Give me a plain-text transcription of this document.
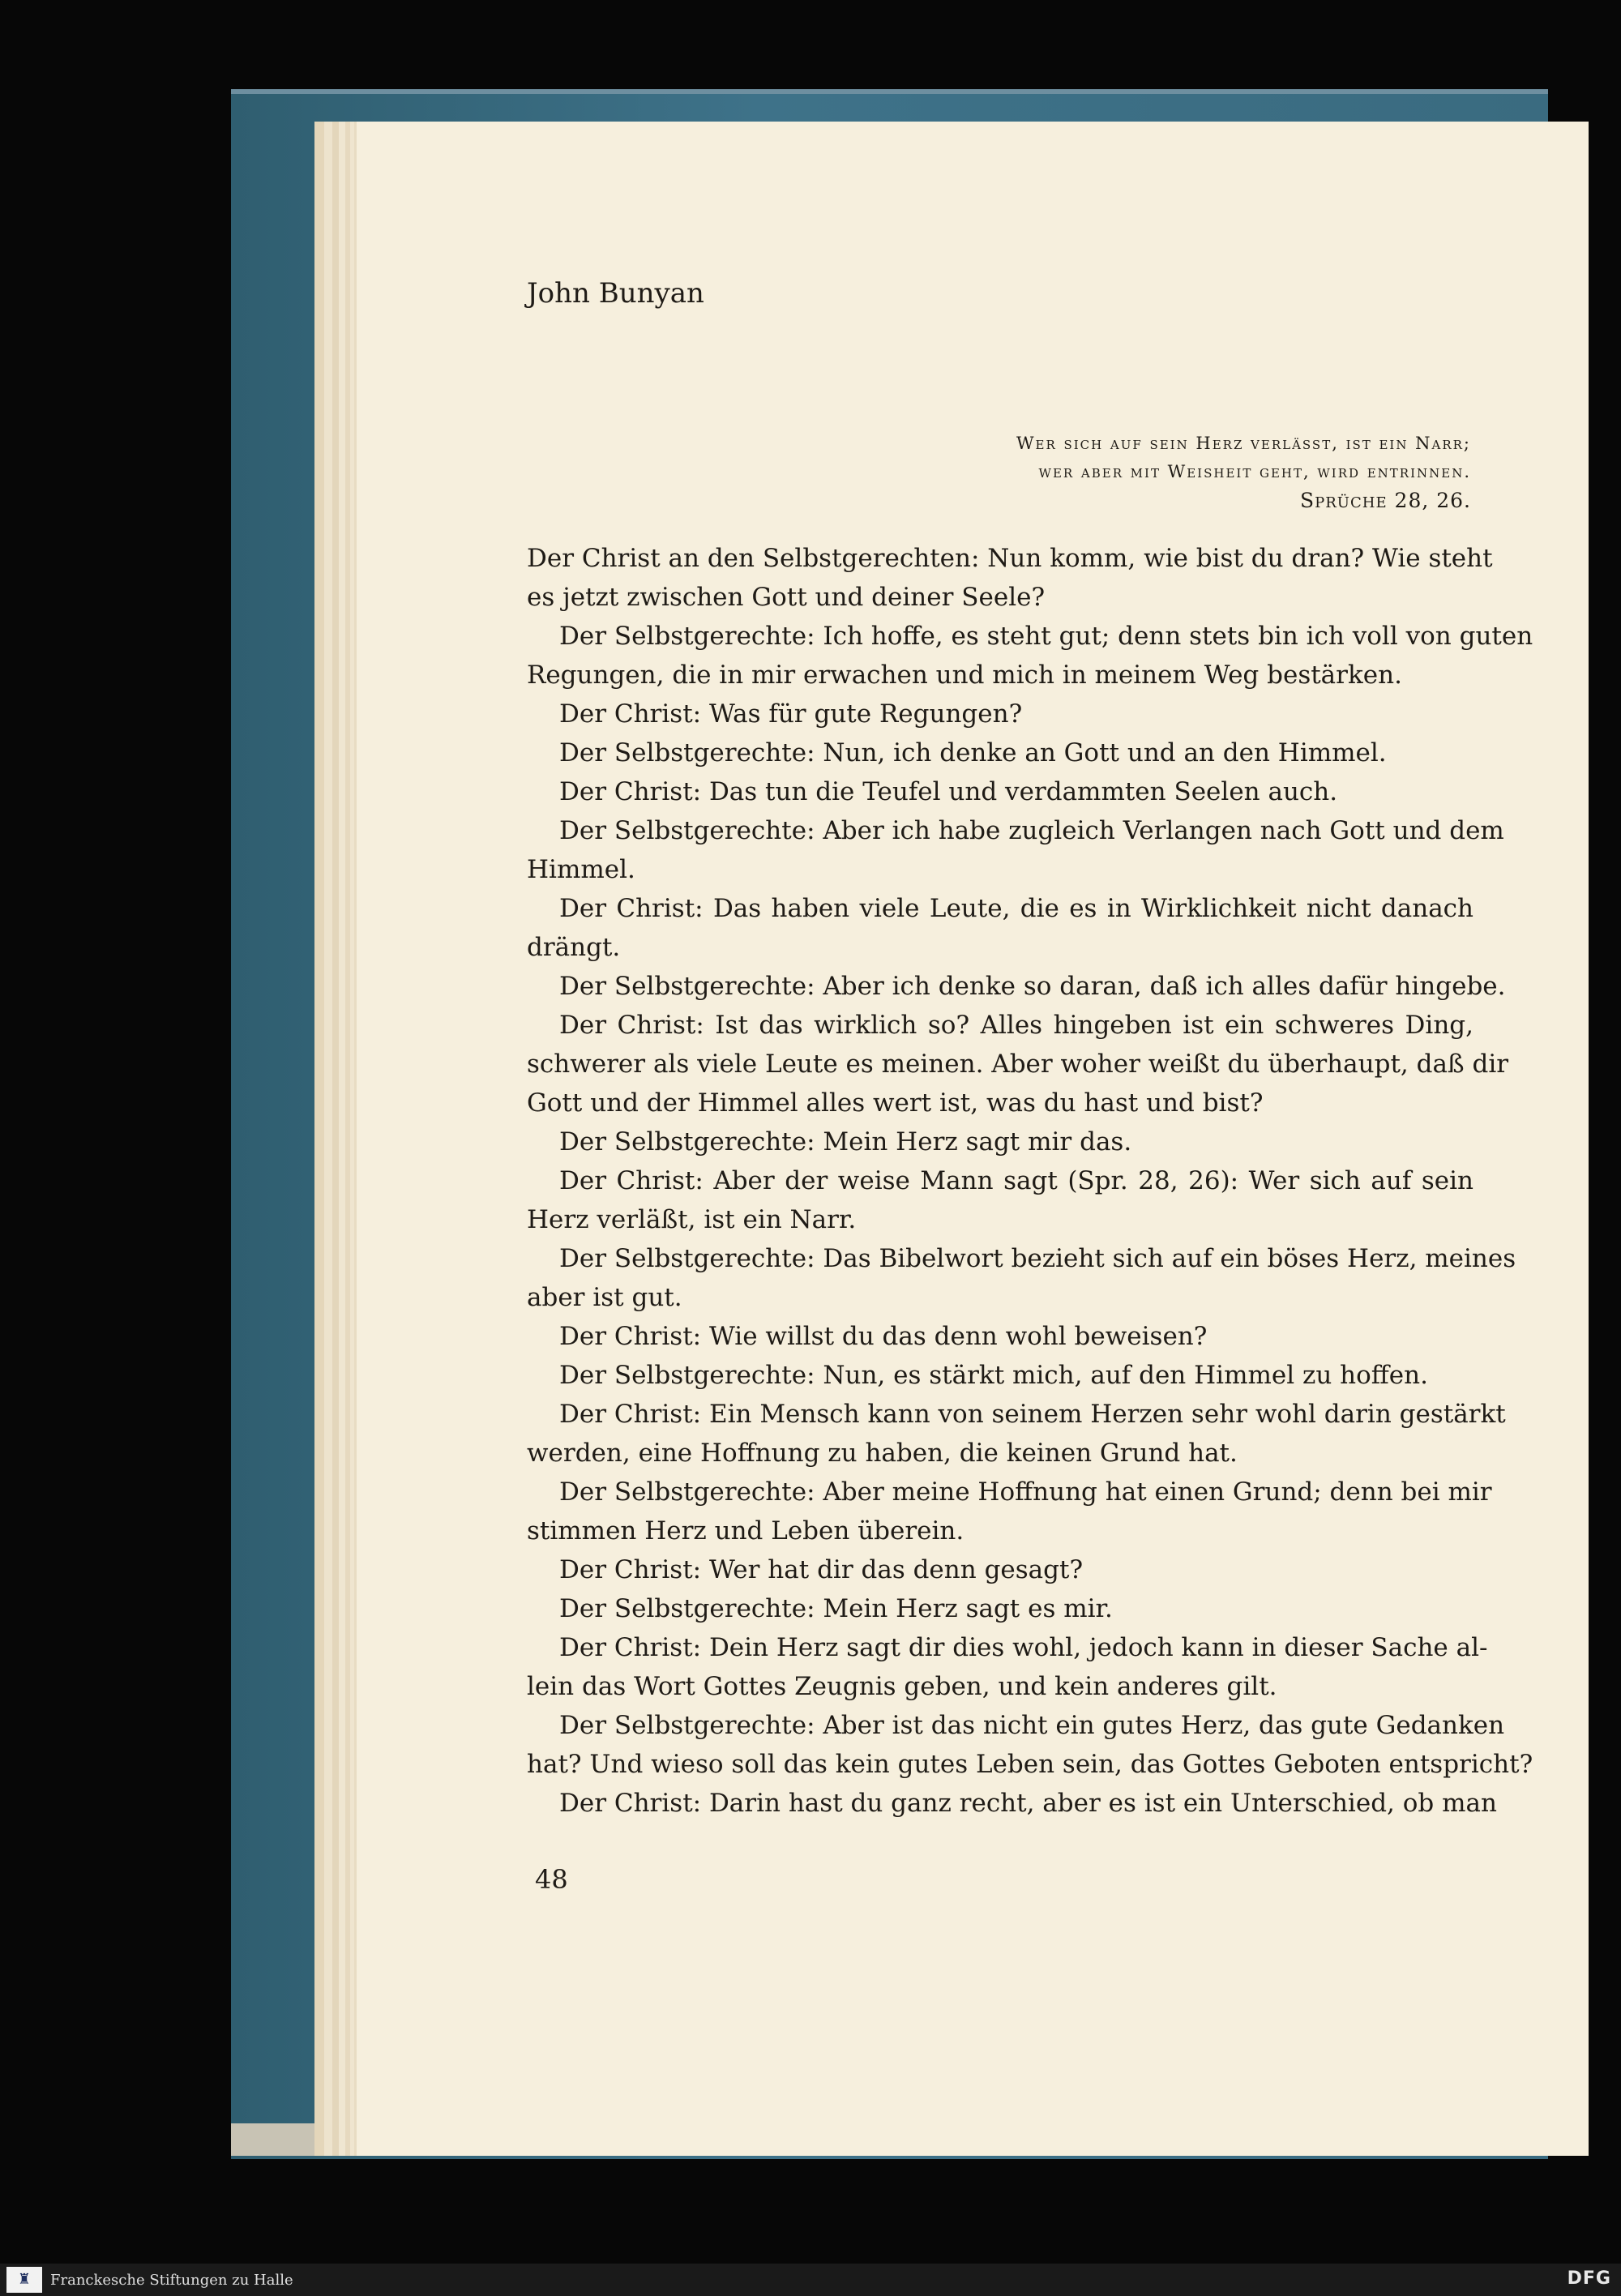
John Bunyan
Wer sich auf sein Herz verlässt, ist ein Narr;
wer aber mit Weisheit geht, wird entrinnen.
Sprüche 28, 26.
Der Christ an den Selbstgerechten: Nun komm, wie bist du dran? Wie steht
es jetzt zwischen Gott und deiner Seele?
Der Selbstgerechte: Ich hoffe, es steht gut; denn stets bin ich voll von guten
Regungen, die in mir erwachen und mich in meinem Weg bestärken.
Der Christ: Was für gute Regungen?
Der Selbstgerechte: Nun, ich denke an Gott und an den Himmel.
Der Christ: Das tun die Teufel und verdammten Seelen auch.
Der Selbstgerechte: Aber ich habe zugleich Verlangen nach Gott und dem
Himmel.
Der Christ: Das haben viele Leute, die es in Wirklichkeit nicht danach
drängt.
Der Selbstgerechte: Aber ich denke so daran, daß ich alles dafür hingebe.
Der Christ: Ist das wirklich so? Alles hingeben ist ein schweres Ding,
schwerer als viele Leute es meinen. Aber woher weißt du überhaupt, daß dir
Gott und der Himmel alles wert ist, was du hast und bist?
Der Selbstgerechte: Mein Herz sagt mir das.
Der Christ: Aber der weise Mann sagt (Spr. 28, 26): Wer sich auf sein
Herz verläßt, ist ein Narr.
Der Selbstgerechte: Das Bibelwort bezieht sich auf ein böses Herz, meines
aber ist gut.
Der Christ: Wie willst du das denn wohl beweisen?
Der Selbstgerechte: Nun, es stärkt mich, auf den Himmel zu hoffen.
Der Christ: Ein Mensch kann von seinem Herzen sehr wohl darin gestärkt
werden, eine Hoffnung zu haben, die keinen Grund hat.
Der Selbstgerechte: Aber meine Hoffnung hat einen Grund; denn bei mir
stimmen Herz und Leben überein.
Der Christ: Wer hat dir das denn gesagt?
Der Selbstgerechte: Mein Herz sagt es mir.
Der Christ: Dein Herz sagt dir dies wohl, jedoch kann in dieser Sache al-
lein das Wort Gottes Zeugnis geben, und kein anderes gilt.
Der Selbstgerechte: Aber ist das nicht ein gutes Herz, das gute Gedanken
hat? Und wieso soll das kein gutes Leben sein, das Gottes Geboten entspricht?
Der Christ: Darin hast du ganz recht, aber es ist ein Unterschied, ob man
48
♜	Franckesche Stiftungen zu Halle	DFG
